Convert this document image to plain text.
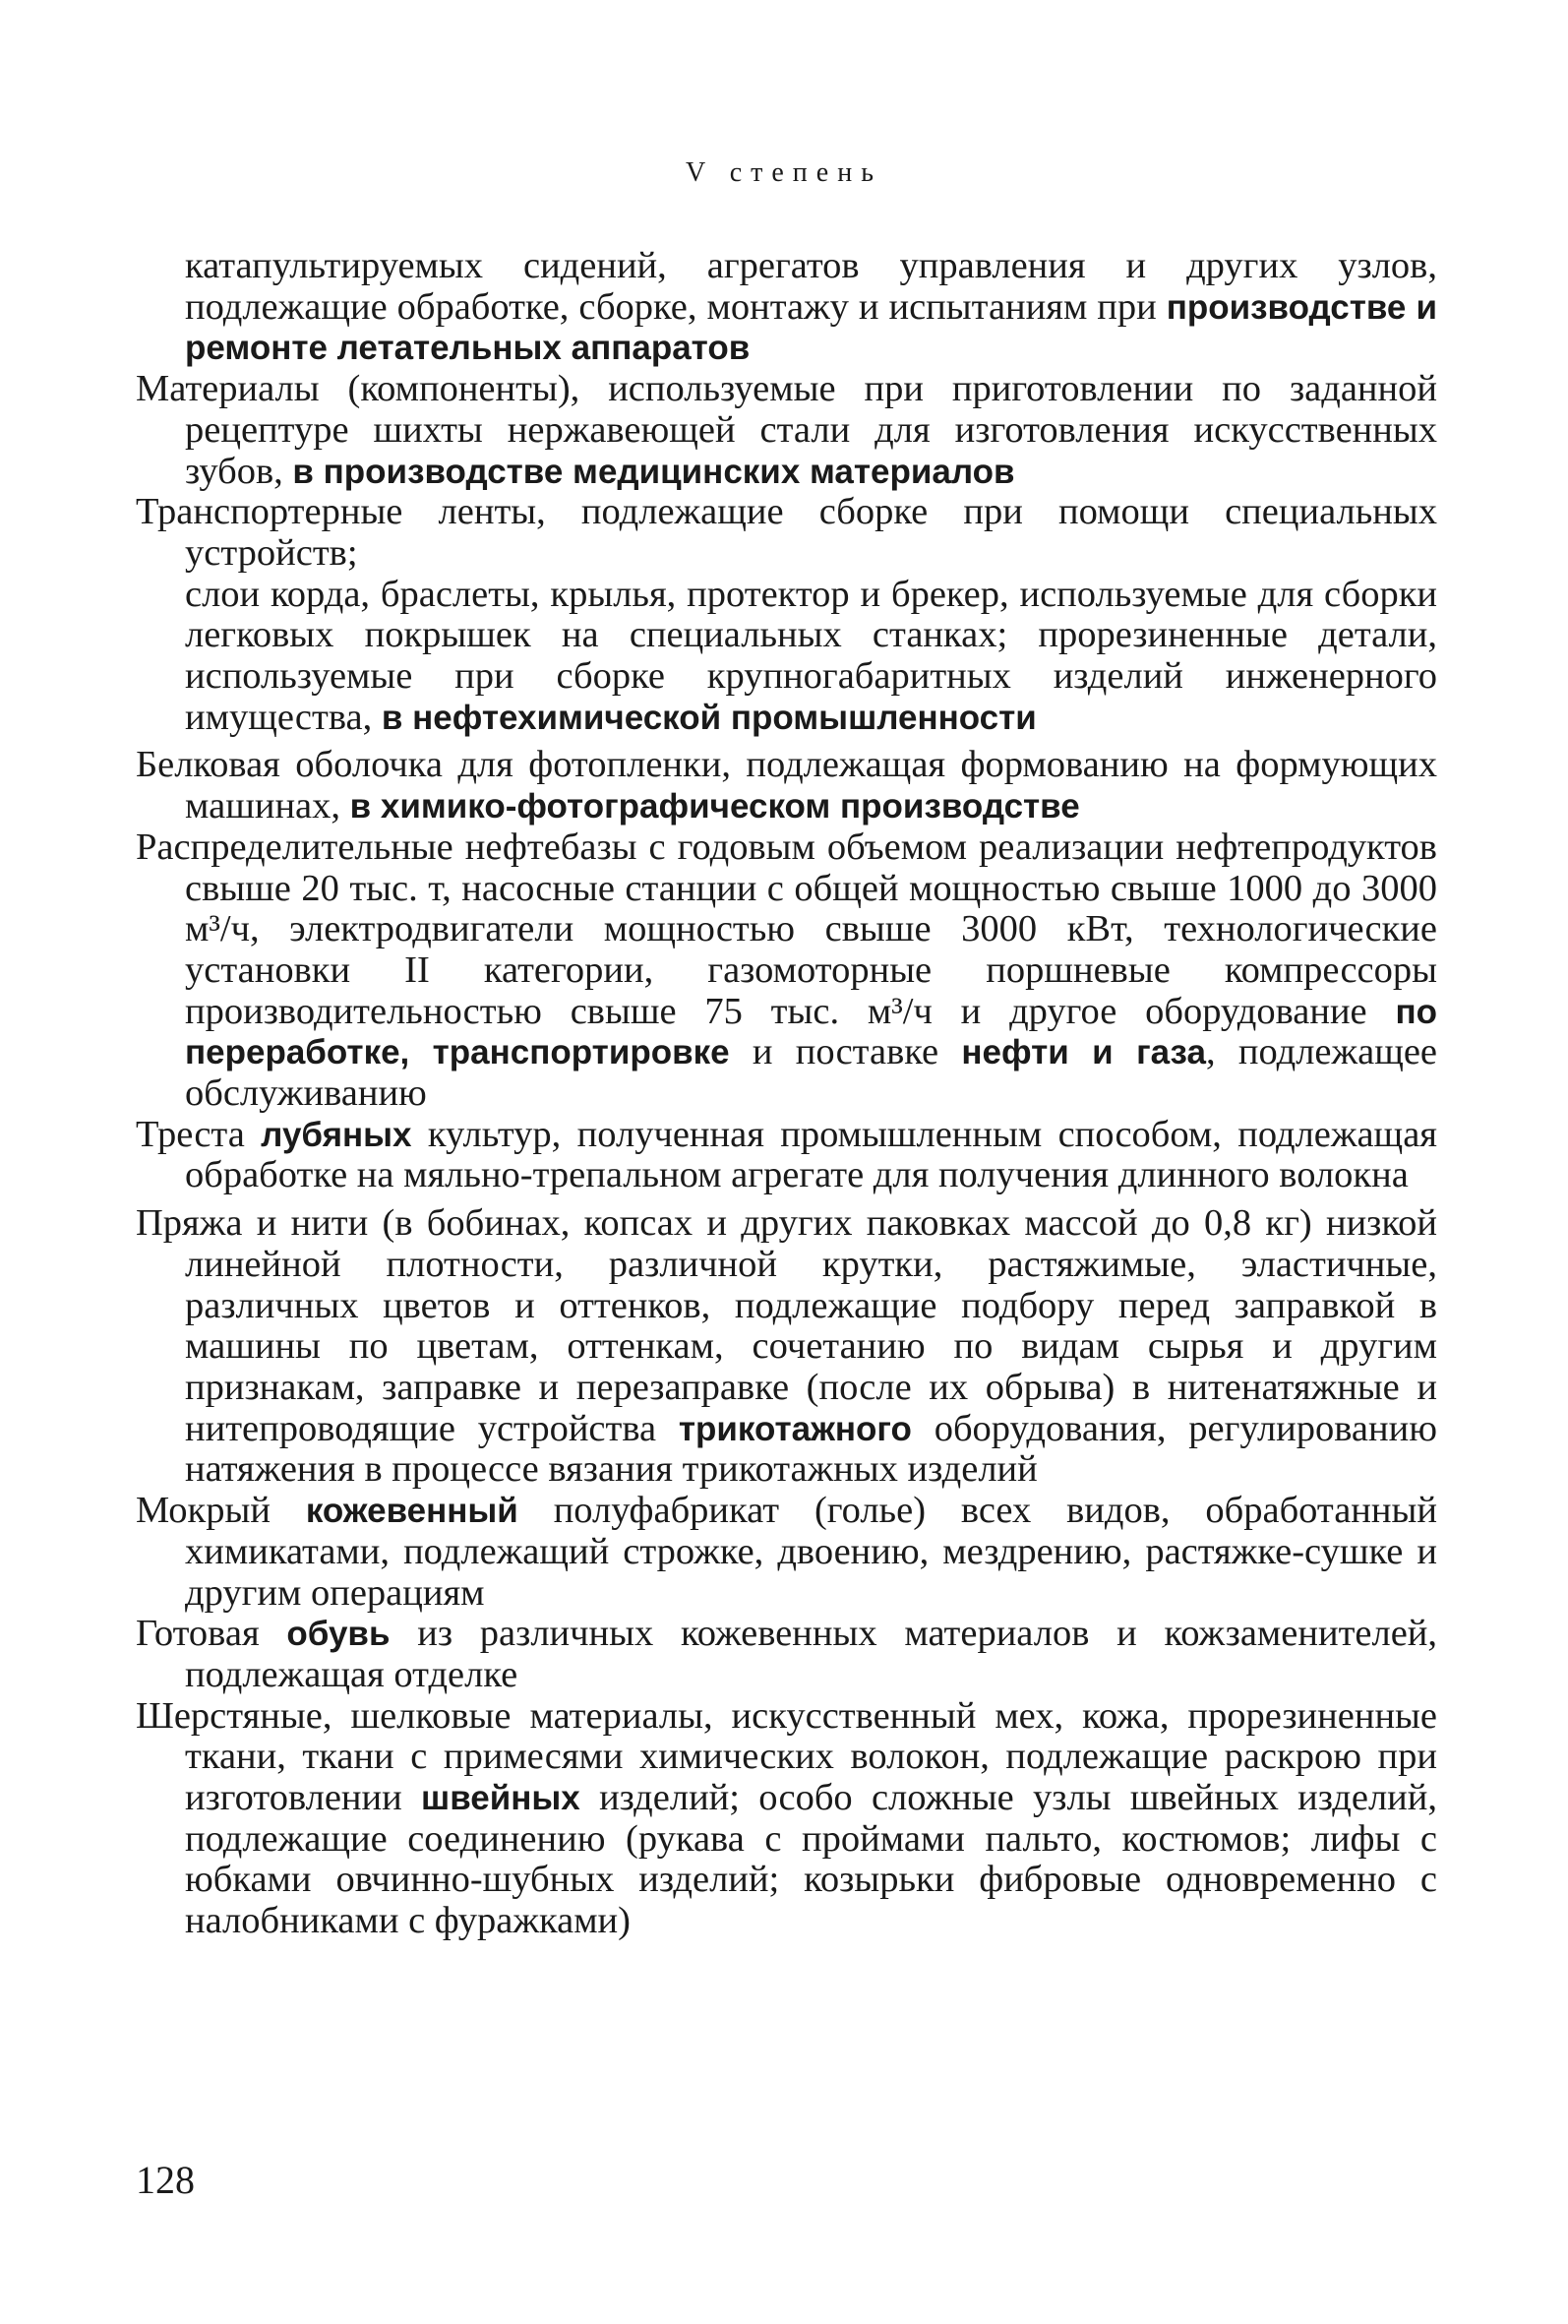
V степень

катапультируемых сидений, агрегатов управления и других узлов, подлежащие обработке, сборке, монтажу и испытаниям при производстве и ремонте летательных аппаратов

Материалы (компоненты), используемые при приготовлении по заданной рецептуре шихты нержавеющей стали для изготовления искусственных зубов, в производстве медицинских материалов

Транспортерные ленты, подлежащие сборке при помощи специальных устройств;

слои корда, браслеты, крылья, протектор и брекер, используемые для сборки легковых покрышек на специальных станках; прорезиненные детали, используемые при сборке крупногабаритных изделий инженерного имущества, в нефтехимической промышленности

Белковая оболочка для фотопленки, подлежащая формованию на формующих машинах, в химико-фотографическом производстве

Распределительные нефтебазы с годовым объемом реализации нефтепродуктов свыше 20 тыс. т, насосные станции с общей мощностью свыше 1000 до 3000 м³/ч, электродвигатели мощностью свыше 3000 кВт, технологические установки II категории, газомоторные поршневые компрессоры производительностью свыше 75 тыс. м³/ч и другое оборудование по переработке, транспортировке и поставке нефти и газа, подлежащее обслуживанию

Треста лубяных культур, полученная промышленным способом, подлежащая обработке на мяльно-трепальном агрегате для получения длинного волокна

Пряжа и нити (в бобинах, копсах и других паковках массой до 0,8 кг) низкой линейной плотности, различной крутки, растяжимые, эластичные, различных цветов и оттенков, подлежащие подбору перед заправкой в машины по цветам, оттенкам, сочетанию по видам сырья и другим признакам, заправке и перезаправке (после их обрыва) в нитенатяжные и нитепроводящие устройства трикотажного оборудования, регулированию натяжения в процессе вязания трикотажных изделий

Мокрый кожевенный полуфабрикат (голье) всех видов, обработанный химикатами, подлежащий строжке, двоению, мездрению, растяжке-сушке и другим операциям

Готовая обувь из различных кожевенных материалов и кожзаменителей, подлежащая отделке

Шерстяные, шелковые материалы, искусственный мех, кожа, прорезиненные ткани, ткани с примесями химических волокон, подлежащие раскрою при изготовлении швейных изделий; особо сложные узлы швейных изделий, подлежащие соединению (рукава с проймами пальто, костюмов; лифы с юбками овчинно-шубных изделий; козырьки фибровые одновременно с налобниками с фуражками)

128
